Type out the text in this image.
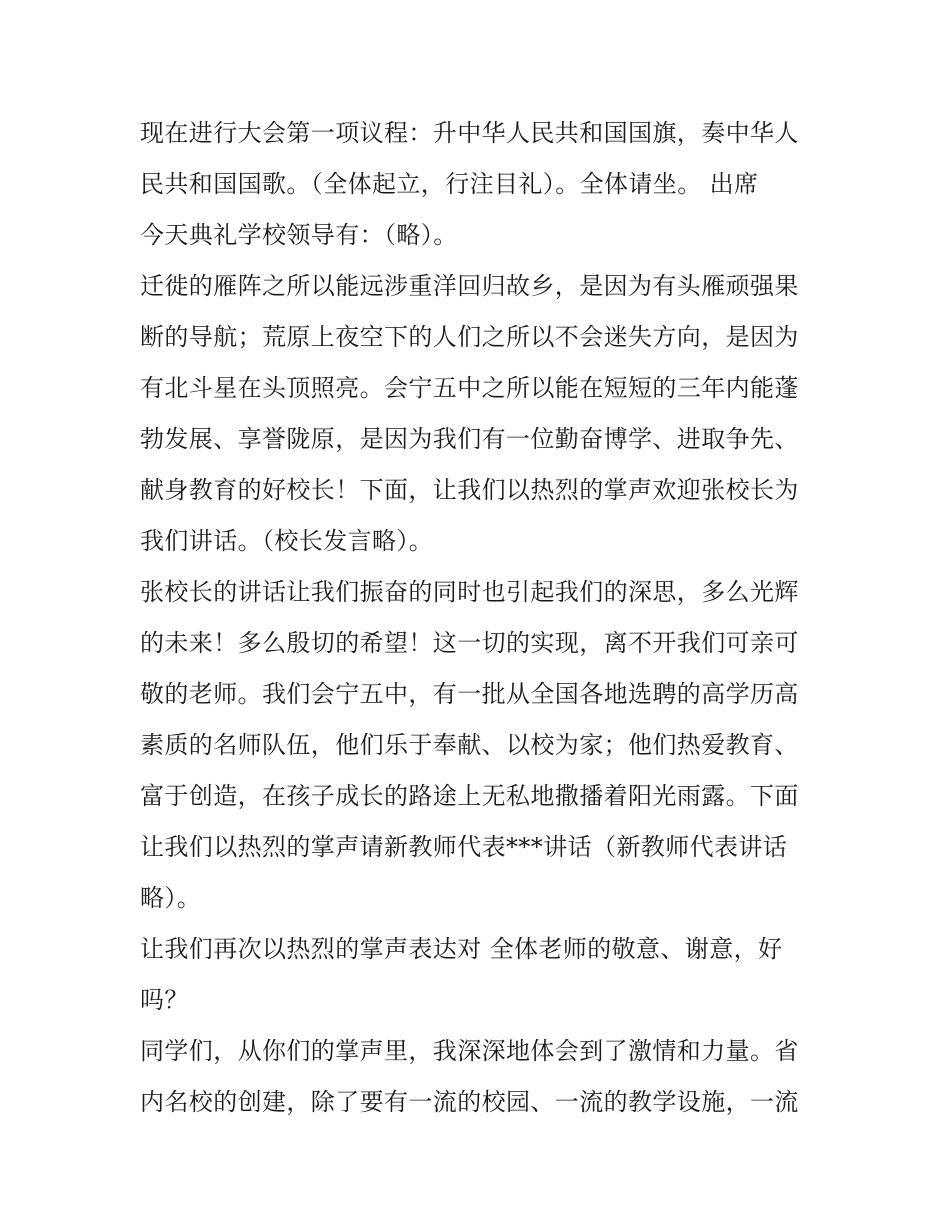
现在进行大会第一项议程：升中华人民共和国国旗，奏中华人
民共和国国歌。（全体起立，行注目礼）。全体请坐。 出席
今天典礼学校领导有：（略）。
迁徙的雁阵之所以能远涉重洋回归故乡，是因为有头雁顽强果
断的导航；荒原上夜空下的人们之所以不会迷失方向，是因为
有北斗星在头顶照亮。会宁五中之所以能在短短的三年内能蓬
勃发展、享誉陇原，是因为我们有一位勤奋博学、进取争先、
献身教育的好校长！下面，让我们以热烈的掌声欢迎张校长为
我们讲话。（校长发言略）。
张校长的讲话让我们振奋的同时也引起我们的深思，多么光辉
的未来！多么殷切的希望！这一切的实现，离不开我们可亲可
敬的老师。我们会宁五中，有一批从全国各地选聘的高学历高
素质的名师队伍，他们乐于奉献、以校为家；他们热爱教育、
富于创造，在孩子成长的路途上无私地撒播着阳光雨露。下面
让我们以热烈的掌声请新教师代表***讲话（新教师代表讲话
略）。
让我们再次以热烈的掌声表达对 全体老师的敬意、谢意，好
吗？
同学们，从你们的掌声里，我深深地体会到了激情和力量。省
内名校的创建，除了要有一流的校园、一流的教学设施，一流
